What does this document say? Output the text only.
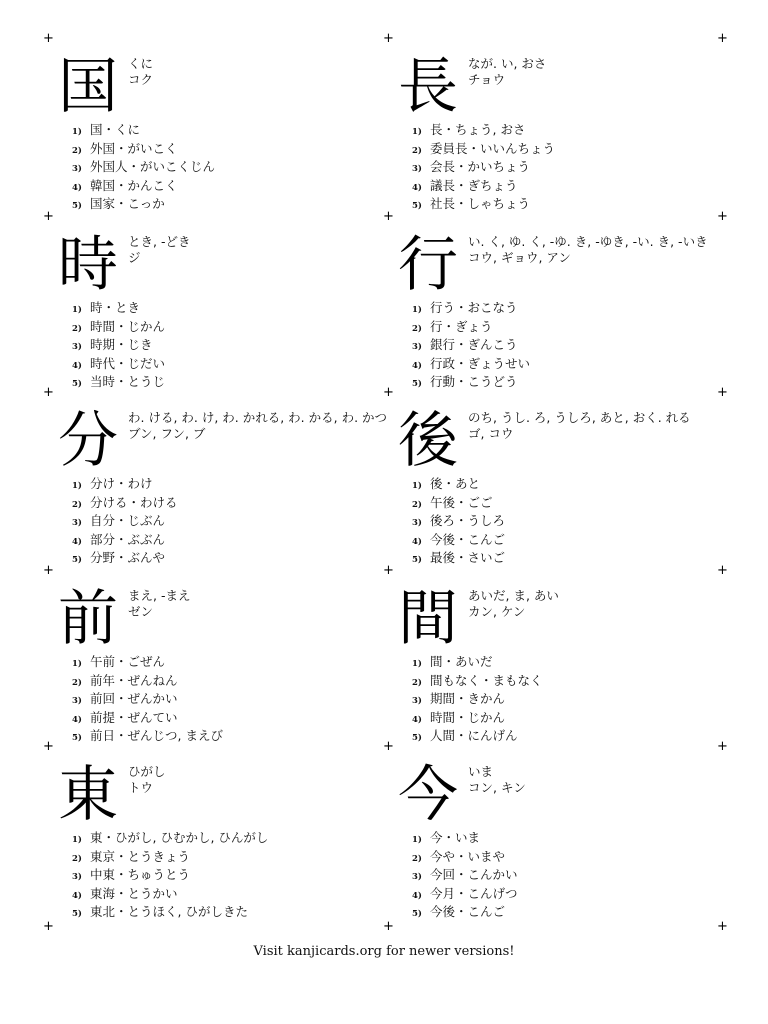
+	+	+
+	+	+
+	+	+
+	+	+
+	+	+
+	+	+
国 くに
コク
1) 国・くに
2) 外国・がいこく
3) 外国人・がいこくじん
4) 韓国・かんこく
5) 国家・こっか
長 なが. い, おさ
チョウ
1) 長・ちょう, おさ
2) 委員長・いいんちょう
3) 会長・かいちょう
4) 議長・ぎちょう
5) 社長・しゃちょう
時 とき, -どき
ジ
1) 時・とき
2) 時間・じかん
3) 時期・じき
4) 時代・じだい
5) 当時・とうじ
行 い. く, ゆ. く, -ゆ. き, -ゆき, -い. き, -いき
コウ, ギョウ, アン
1) 行う・おこなう
2) 行・ぎょう
3) 銀行・ぎんこう
4) 行政・ぎょうせい
5) 行動・こうどう
分 わ. ける, わ. け, わ. かれる, わ. かる, わ. かつ
ブン, フン, ブ
1) 分け・わけ
2) 分ける・わける
3) 自分・じぶん
4) 部分・ぶぶん
5) 分野・ぶんや
後 のち, うし. ろ, うしろ, あと, おく. れる
ゴ, コウ
1) 後・あと
2) 午後・ごご
3) 後ろ・うしろ
4) 今後・こんご
5) 最後・さいご
前 まえ, -まえ
ゼン
1) 午前・ごぜん
2) 前年・ぜんねん
3) 前回・ぜんかい
4) 前提・ぜんてい
5) 前日・ぜんじつ, まえび
間 あいだ, ま, あい
カン, ケン
1) 間・あいだ
2) 間もなく・まもなく
3) 期間・きかん
4) 時間・じかん
5) 人間・にんげん
東 ひがし
トウ
1) 東・ひがし, ひむかし, ひんがし
2) 東京・とうきょう
3) 中東・ちゅうとう
4) 東海・とうかい
5) 東北・とうほく, ひがしきた
今 いま
コン, キン
1) 今・いま
2) 今や・いまや
3) 今回・こんかい
4) 今月・こんげつ
5) 今後・こんご
Visit kanjicards.org for newer versions!
